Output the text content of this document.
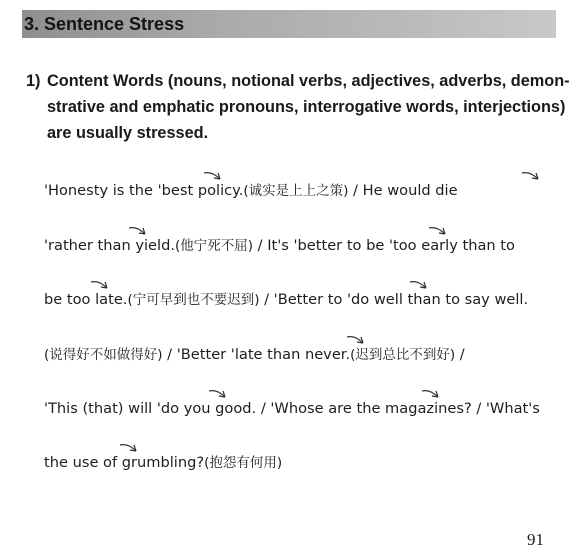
3. Sentence Stress
1) Content Words (nouns, notional verbs, adjectives, adverbs, demon-
strative and emphatic pronouns, interrogative words, interjections)
are usually stressed.
'Honesty is the 'best policy.(诚实是上上之策) / He would die
'rather than yield.(他宁死不屈) / It's 'better to be 'too early than to
be too late.(宁可早到也不要迟到) / 'Better to 'do well than to say well.
(说得好不如做得好) / 'Better 'late than never.(迟到总比不到好) /
'This (that) will 'do you good. / 'Whose are the magazines? / 'What's
the use of grumbling?(抱怨有何用)
91
